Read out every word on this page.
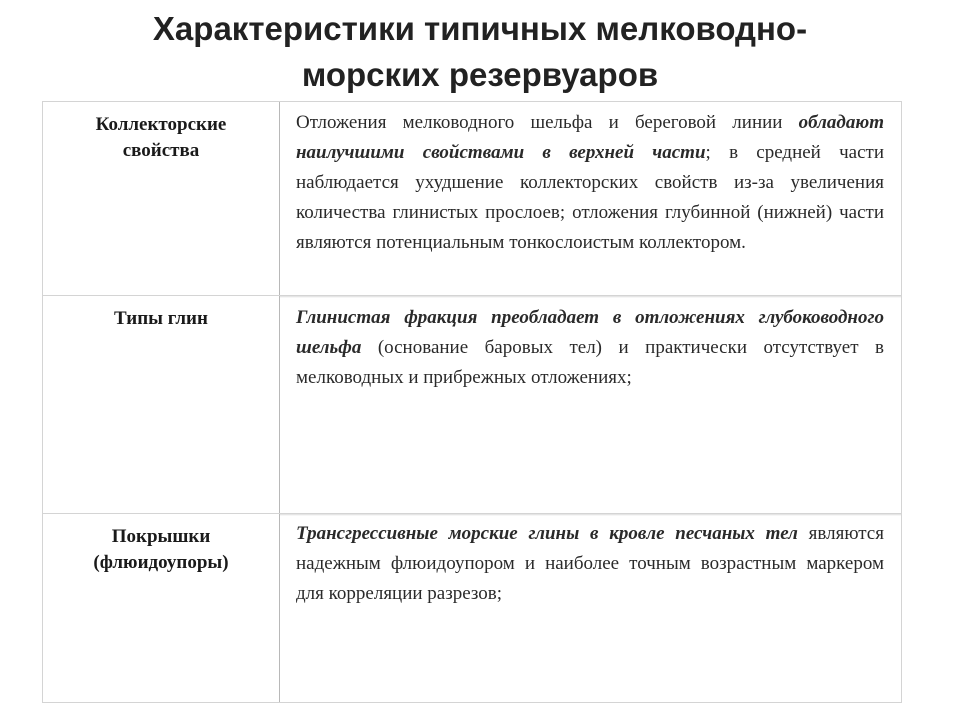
Характеристики типичных мелководно-
морских резервуаров
Коллекторские
свойства

Отложения мелководного шельфа и береговой линии обладают наилучшими свойствами в верхней части; в средней части наблюдается ухудшение коллекторских свойств из-за увеличения количества глинистых прослоев; отложения глубинной (нижней) части являются потенциальным тонкослоистым коллектором.

Типы глин	Глинистая фракция преобладает в отложениях глубоководного шельфа (основание баровых тел) и практически отсутствует в мелководных и прибрежных отложениях;

Покрышки
(флюидоупоры)

Трансгрессивные морские глины в кровле песчаных тел являются надежным флюидоупором и наиболее точным возрастным маркером для корреляции разрезов;
